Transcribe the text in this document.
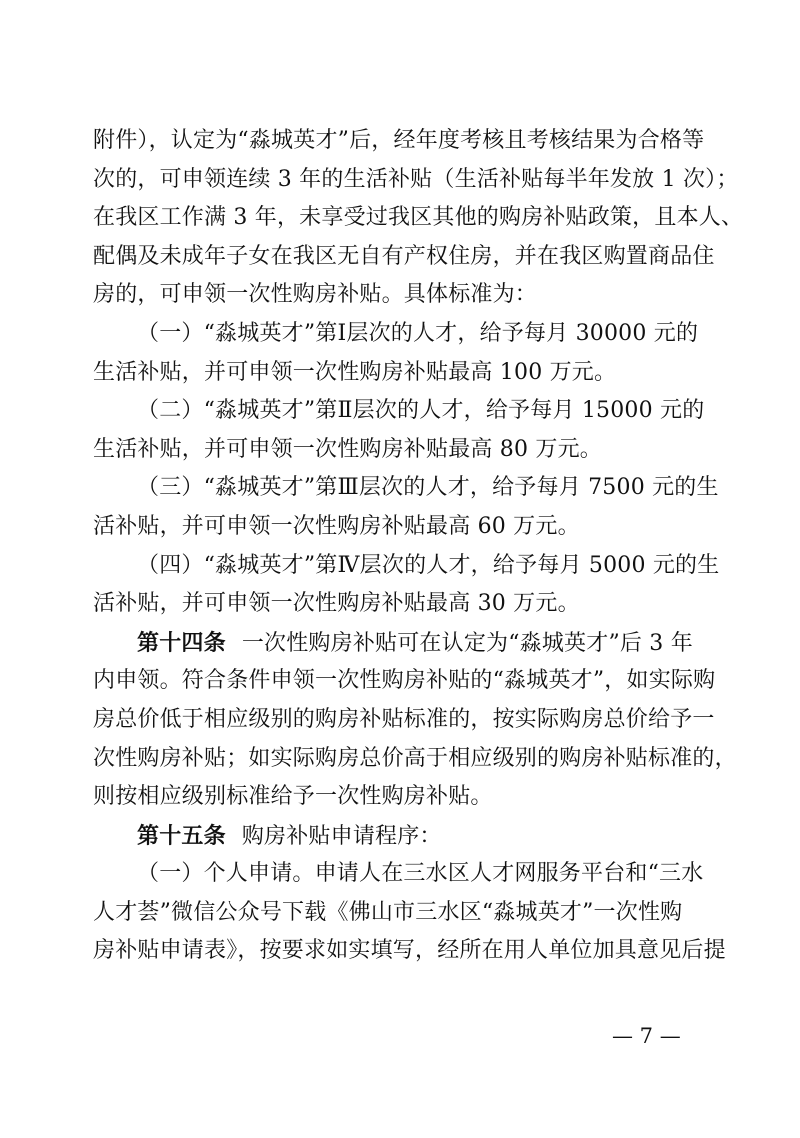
附件），认定为“淼城英才”后，经年度考核且考核结果为合格等
次的，可申领连续 3 年的生活补贴（生活补贴每半年发放 1 次）；
在我区工作满 3 年，未享受过我区其他的购房补贴政策，且本人、
配偶及未成年子女在我区无自有产权住房，并在我区购置商品住
房的，可申领一次性购房补贴。具体标准为：
（一）“淼城英才”第Ⅰ层次的人才，给予每月 30000 元的
生活补贴，并可申领一次性购房补贴最高 100 万元。
（二）“淼城英才”第Ⅱ层次的人才，给予每月 15000 元的
生活补贴，并可申领一次性购房补贴最高 80 万元。
（三）“淼城英才”第Ⅲ层次的人才，给予每月 7500 元的生
活补贴，并可申领一次性购房补贴最高 60 万元。
（四）“淼城英才”第Ⅳ层次的人才，给予每月 5000 元的生
活补贴，并可申领一次性购房补贴最高 30 万元。
第十四条 一次性购房补贴可在认定为“淼城英才”后 3 年
内申领。符合条件申领一次性购房补贴的“淼城英才”，如实际购
房总价低于相应级别的购房补贴标准的，按实际购房总价给予一
次性购房补贴；如实际购房总价高于相应级别的购房补贴标准的，
则按相应级别标准给予一次性购房补贴。
第十五条 购房补贴申请程序：
（一）个人申请。申请人在三水区人才网服务平台和“三水
人才荟”微信公众号下载《佛山市三水区“淼城英才”一次性购
房补贴申请表》，按要求如实填写，经所在用人单位加具意见后提
— 7 —
